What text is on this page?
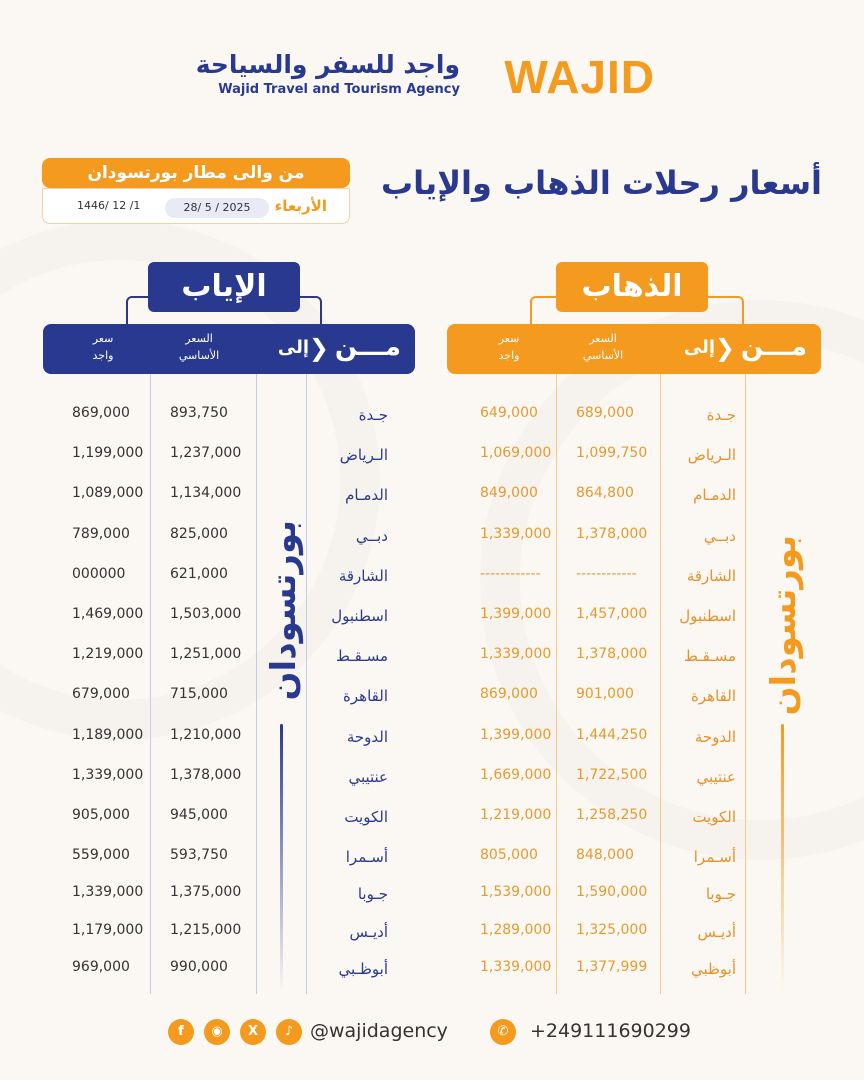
واجد للسفر والسياحة
Wajid Travel and Tourism Agency WAJID
أسعار رحلات الذهاب والإياب
من والى مطار بورتسودان
الأربعاء
28/ 5 / 2025
1446/ 12 /1
الذهاب
مـــن
❯
إلى
السعر
الأساسي
سعر
واجد
بورتسودان
649,000	689,000	جـدة
1,069,000 1,099,750	الـرياض
849,000	864,800	الدمـام
1,339,000 1,378,000	دبــي
------------	------------	الشارقة
1,399,000 1,457,000 اسطنبول
1,339,000 1,378,000 مسـقـط
869,000	901,000	القاهرة
1,399,000 1,444,250	الدوحة
1,669,000 1,722,500	عنتيبي
1,219,000 1,258,250	الكويت
805,000	848,000	أسـمرا
1,539,000 1,590,000	جـوبا
1,289,000 1,325,000	أديـس
1,339,000 1,377,999	أبوظبي
الإياب
مـــن
❯
إلى
السعر
الأساسي
سعر
واجد
بورتسودان
869,000	893,750	جـدة
1,199,000 1,237,000	الـرياض
1,089,000 1,134,000	الدمـام
789,000	825,000	دبــي
000000	621,000	الشارقة
1,469,000 1,503,000	اسطنبول
1,219,000 1,251,000	مسـقـط
679,000	715,000	القاهرة
1,189,000 1,210,000	الدوحة
1,339,000 1,378,000	عنتيبي
905,000	945,000	الكويت
559,000	593,750	أسـمرا
1,339,000 1,375,000	جـوبا
1,179,000 1,215,000	أديـس
969,000	990,000	أبوظـبي
f	◉	X	♪ @wajidagency	✆	+249111690299
